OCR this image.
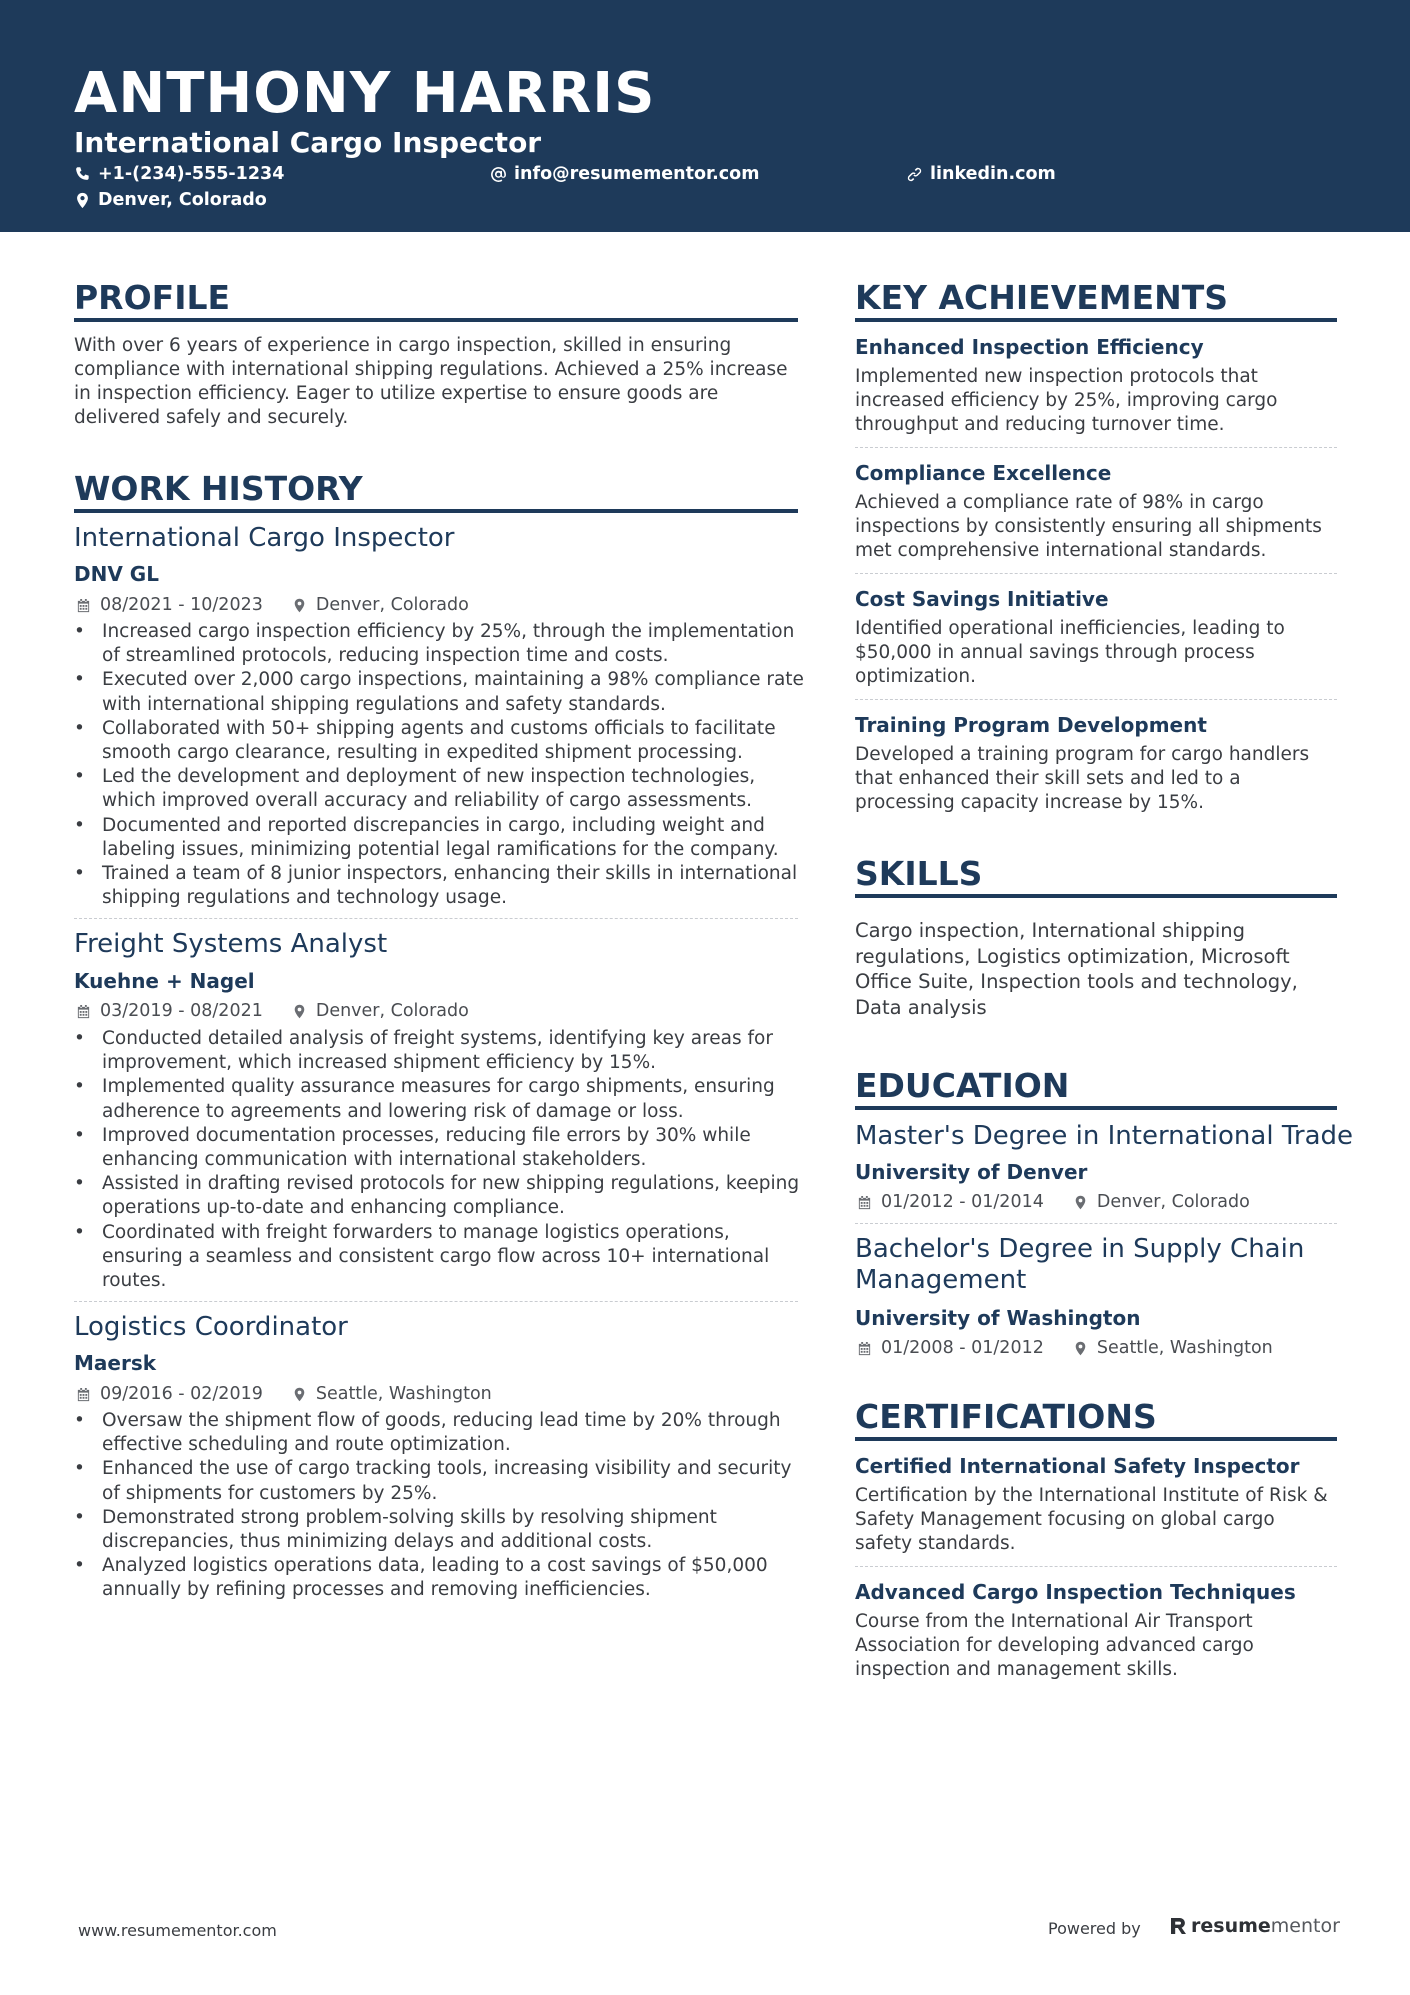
ANTHONY HARRIS
International Cargo Inspector
+1-(234)-555-1234	info@resumementor.com	linkedin.com
Denver, Colorado
PROFILE
With over 6 years of experience in cargo inspection, skilled in ensuring compliance with international shipping regulations. Achieved a 25% increase in inspection efficiency. Eager to utilize expertise to ensure goods are delivered safely and securely.
WORK HISTORY
International Cargo Inspector
DNV GL
08/2021 - 10/2023	Denver, Colorado
• Increased cargo inspection efficiency by 25%, through the implementation of streamlined protocols, reducing inspection time and costs.
• Executed over 2,000 cargo inspections, maintaining a 98% compliance rate with international shipping regulations and safety standards.
• Collaborated with 50+ shipping agents and customs officials to facilitate smooth cargo clearance, resulting in expedited shipment processing.
• Led the development and deployment of new inspection technologies, which improved overall accuracy and reliability of cargo assessments.
• Documented and reported discrepancies in cargo, including weight and labeling issues, minimizing potential legal ramifications for the company.
• Trained a team of 8 junior inspectors, enhancing their skills in international shipping regulations and technology usage.
Freight Systems Analyst
Kuehne + Nagel
03/2019 - 08/2021	Denver, Colorado
• Conducted detailed analysis of freight systems, identifying key areas for improvement, which increased shipment efficiency by 15%.
• Implemented quality assurance measures for cargo shipments, ensuring adherence to agreements and lowering risk of damage or loss.
• Improved documentation processes, reducing file errors by 30% while enhancing communication with international stakeholders.
• Assisted in drafting revised protocols for new shipping regulations, keeping operations up-to-date and enhancing compliance.
• Coordinated with freight forwarders to manage logistics operations, ensuring a seamless and consistent cargo flow across 10+ international routes.
Logistics Coordinator
Maersk
09/2016 - 02/2019	Seattle, Washington
• Oversaw the shipment flow of goods, reducing lead time by 20% through effective scheduling and route optimization.
• Enhanced the use of cargo tracking tools, increasing visibility and security of shipments for customers by 25%.
• Demonstrated strong problem-solving skills by resolving shipment discrepancies, thus minimizing delays and additional costs.
• Analyzed logistics operations data, leading to a cost savings of $50,000 annually by refining processes and removing inefficiencies.
KEY ACHIEVEMENTS
Enhanced Inspection Efficiency
Implemented new inspection protocols that increased efficiency by 25%, improving cargo throughput and reducing turnover time.
Compliance Excellence
Achieved a compliance rate of 98% in cargo inspections by consistently ensuring all shipments met comprehensive international standards.
Cost Savings Initiative
Identified operational inefficiencies, leading to $50,000 in annual savings through process optimization.
Training Program Development
Developed a training program for cargo handlers that enhanced their skill sets and led to a processing capacity increase by 15%.
SKILLS
Cargo inspection, International shipping regulations, Logistics optimization, Microsoft Office Suite, Inspection tools and technology, Data analysis
EDUCATION
Master's Degree in International Trade
University of Denver
01/2012 - 01/2014	Denver, Colorado
Bachelor's Degree in Supply Chain Management
University of Washington
01/2008 - 01/2012	Seattle, Washington
CERTIFICATIONS
Certified International Safety Inspector
Certification by the International Institute of Risk & Safety Management focusing on global cargo safety standards.
Advanced Cargo Inspection Techniques
Course from the International Air Transport Association for developing advanced cargo inspection and management skills.
www.resumementor.com	Powered by	resumementor
